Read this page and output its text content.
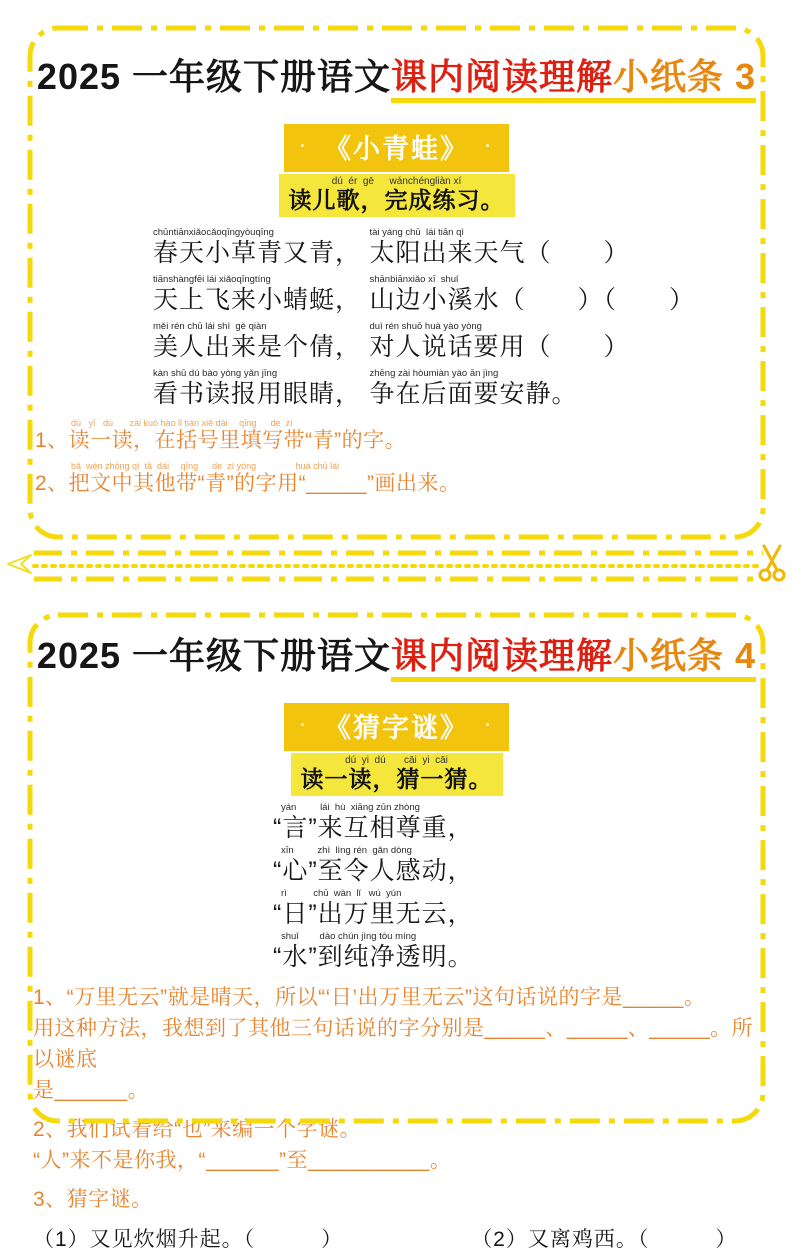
2025 一年级下册语文课内阅读理解小纸条 3
· 《小青蛙》 ·
dú  ér  gē　  wánchéngliàn xí
读儿歌，完成练习。
chūntiānxiǎocǎoqīngyòuqīng
春天小草青又青，

tài yáng chū  lái tiān qì
太阳出来天气（　　）
tiānshàngfēi lái xiǎoqīngtíng
天上飞来小蜻蜓，

shānbiānxiǎo xī  shuǐ
山边小溪水（　　）（　　）
měi rén chū lái shì  gè qiàn
美人出来是个倩，

duì rén shuō huà yào yòng
对人说话要用（　　）
kàn shū dú bào yòng yǎn jīng
看书读报用眼睛，

zhēng zài hòumiàn yào ān jìng
争在后面要安静。
dú   yī   dú　   zài kuò hào lǐ tián xiě dài　 qīng　  de  zì
1、读一读，在括号里填写带“青”的字。
bǎ  wén zhōng qí  tā  dài　 qīng　  de  zì yòng　　　     huà chū lái
2、把文中其他带“青”的字用“_____”画出来。
2025 一年级下册语文课内阅读理解小纸条 4
· 《猜字谜》 ·
dú  yi  dú　   cāi  yi  cāi
读一读，猜一猜。
yán         lái  hù  xiāng zūn zhòng
“言”来互相尊重，
xīn         zhì  lìng rén  gǎn dòng
“心”至令人感动，
rì          chū  wàn  lǐ   wú  yún
“日”出万里无云，
shuǐ        dào chún jìng tòu míng
“水”到纯净透明。
1、“万里无云”就是晴天，所以“‘日’出万里无云”这句话说的字是_____。
用这种方法，我想到了其他三句话说的字分别是_____、_____、_____。所以谜底
是______。
2、我们试着给“也”来编一个字谜。
“人”来不是你我，“______”至__________。
3、猜字谜。
（1）又见炊烟升起。（　　　）	（2）又离鸡西。（　　　）
